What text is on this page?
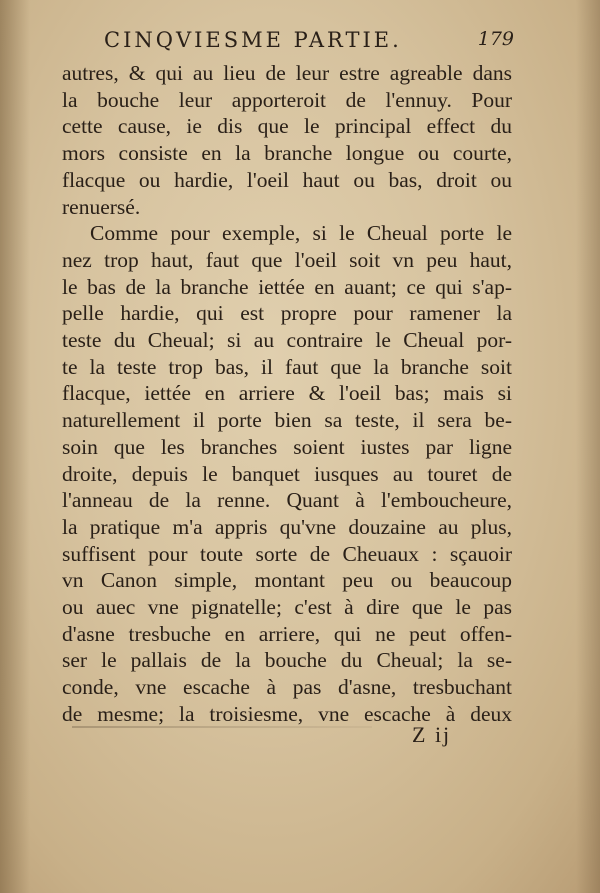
CINQVIESME PARTIE.	179
autres, & qui au lieu de leur estre agreable dans
la bouche leur apporteroit de l'ennuy. Pour
cette cause, ie dis que le principal effect du
mors consiste en la branche longue ou courte,
flacque ou hardie, l'oeil haut ou bas, droit ou
renuersé.
Comme pour exemple, si le Cheual porte le
nez trop haut, faut que l'oeil soit vn peu haut,
le bas de la branche iettée en auant; ce qui s'ap-
pelle hardie, qui est propre pour ramener la
teste du Cheual; si au contraire le Cheual por-
te la teste trop bas, il faut que la branche soit
flacque, iettée en arriere & l'oeil bas; mais si
naturellement il porte bien sa teste, il sera be-
soin que les branches soient iustes par ligne
droite, depuis le banquet iusques au touret de
l'anneau de la renne. Quant à l'embouchеure,
la pratique m'a appris qu'vne douzaine au plus,
suffisent pour toute sorte de Cheuaux : sçauoir
vn Canon simple, montant peu ou beaucoup
ou auec vne pignatelle; c'est à dire que le pas
d'asne tresbuche en arriere, qui ne peut offen-
ser le pallais de la bouche du Cheual; la se-
conde, vne escache à pas d'asne, tresbuchant
de mesme; la troisiesme, vne escache à deux
Z ij
